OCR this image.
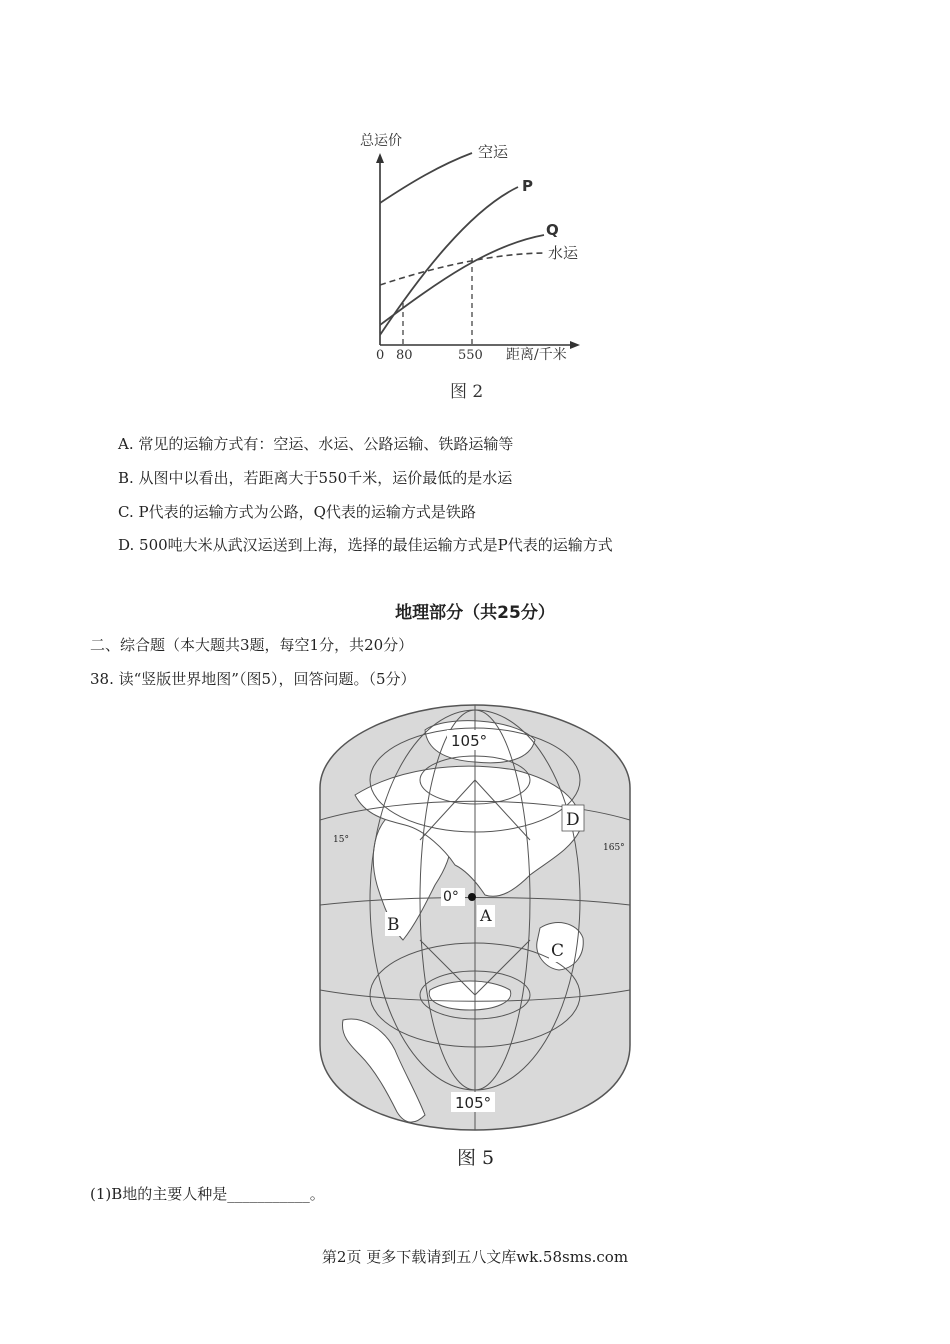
总运价
空运
P
Q
水运
0 80	550 距离/千米
图 2
A. 常见的运输方式有：空运、水运、公路运输、铁路运输等
B. 从图中以看出，若距离大于550千米，运价最低的是水运
C. P代表的运输方式为公路，Q代表的运输方式是铁路
D. 500吨大米从武汉运送到上海，选择的最佳运输方式是P代表的运输方式
地理部分（共25分）
二、综合题（本大题共3题，每空1分，共20分）
38. 读“竖版世界地图”（图5），回答问题。（5分）
105°
15°
165°
0°
A
B
C
D
105°
图 5
(1)B地的主要人种是___________。
第2页 更多下载请到五八文库wk.58sms.com
